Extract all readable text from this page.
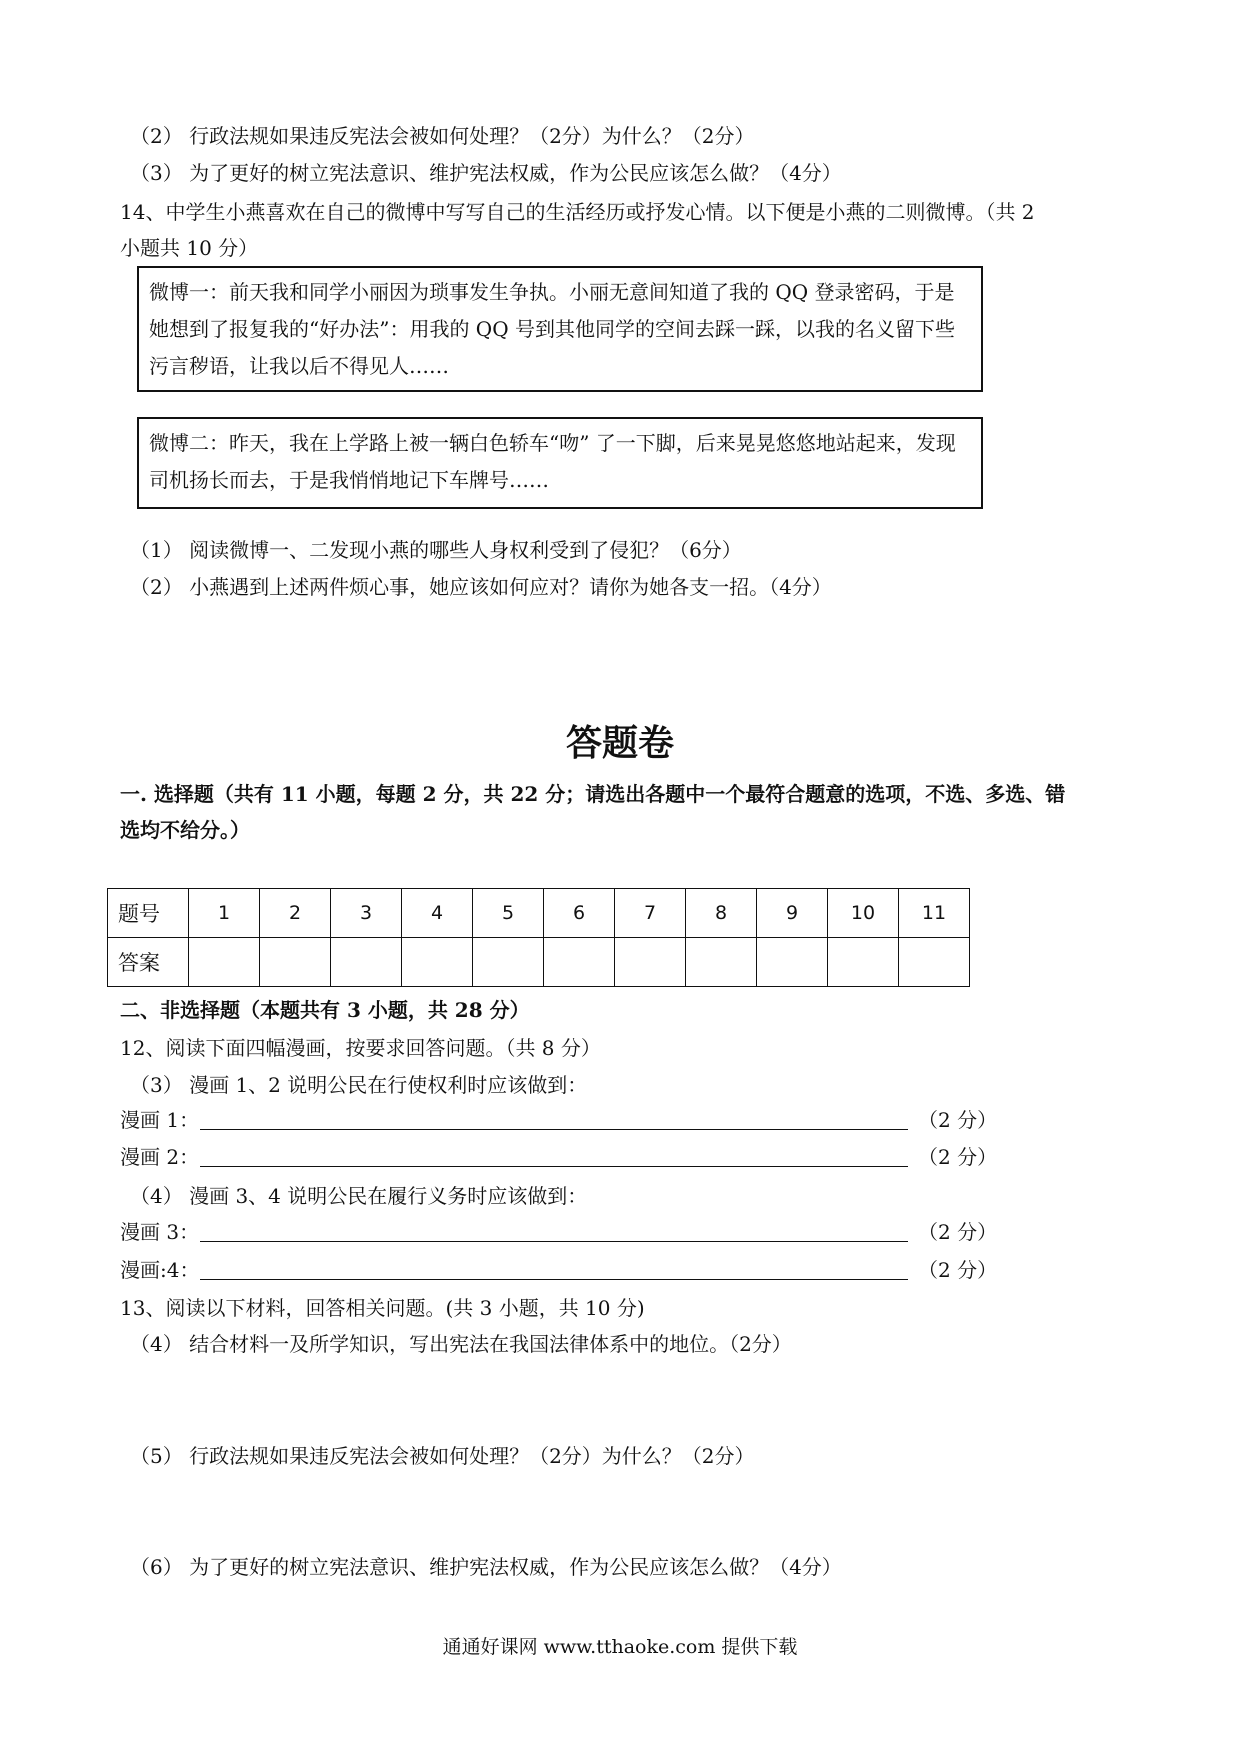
（2） 行政法规如果违反宪法会被如何处理？（2分）为什么？（2分）
（3） 为了更好的树立宪法意识、维护宪法权威，作为公民应该怎么做？（4分）
14、中学生小燕喜欢在自己的微博中写写自己的生活经历或抒发心情。以下便是小燕的二则微博。（共 2
小题共 10 分）
微博一：前天我和同学小丽因为琐事发生争执。小丽无意间知道了我的 QQ 登录密码，于是她想到了报复我的“好办法”：用我的 QQ 号到其他同学的空间去踩一踩，以我的名义留下些污言秽语，让我以后不得见人……
微博二：昨天，我在上学路上被一辆白色轿车“吻” 了一下脚，后来晃晃悠悠地站起来，发现司机扬长而去，于是我悄悄地记下车牌号……
（1） 阅读微博一、二发现小燕的哪些人身权利受到了侵犯？（6分）
（2） 小燕遇到上述两件烦心事，她应该如何应对？请你为她各支一招。（4分）
答题卷
一. 选择题（共有 11 小题，每题 2 分，共 22 分；请选出各题中一个最符合题意的选项，不选、多选、错
选均不给分。）
题号	1	2	3	4	5	6	7	8	9	10	11
答案											
二、非选择题（本题共有 3 小题，共 28 分）
12、阅读下面四幅漫画，按要求回答问题。（共 8 分）
（3） 漫画 1、2 说明公民在行使权利时应该做到：
漫画 1：	（2 分）
漫画 2：	（2 分）
（4） 漫画 3、4 说明公民在履行义务时应该做到：
漫画 3：	（2 分）
漫画:4：	（2 分）
13、阅读以下材料，回答相关问题。(共 3 小题，共 10 分)
（4） 结合材料一及所学知识，写出宪法在我国法律体系中的地位。（2分）
（5） 行政法规如果违反宪法会被如何处理？（2分）为什么？（2分）
（6） 为了更好的树立宪法意识、维护宪法权威，作为公民应该怎么做？（4分）
通通好课网 www.tthaoke.com 提供下载
